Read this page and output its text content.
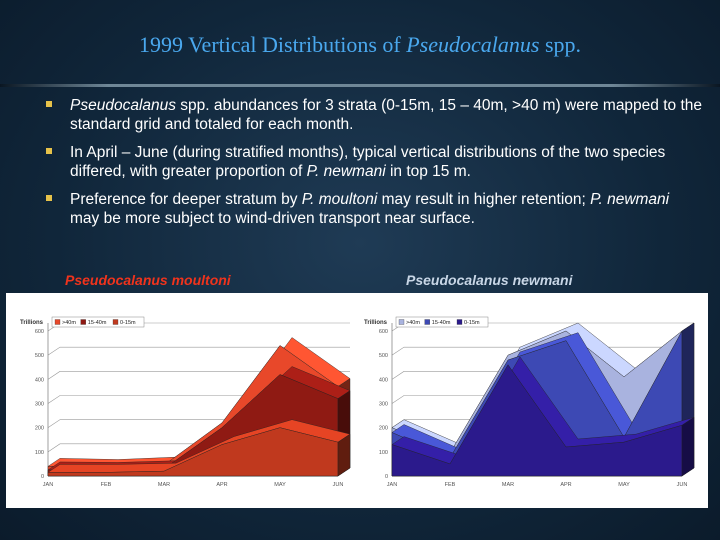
1999 Vertical Distributions of Pseudocalanus spp.
Pseudocalanus spp. abundances for 3 strata (0-15m, 15 – 40m, >40 m) were mapped to the standard grid and totaled for each month.
In April – June (during stratified months), typical vertical distributions of the two species differed, with greater proportion of P. newmani in top 15 m.
Preference for deeper stratum by P. moultoni may result in higher retention; P. newmani may be more subject to wind-driven transport near surface.
Pseudocalanus moultoni	Pseudocalanus newmani
Trillions
0
100
200
300
400
500
600
JAN	FEB	MAR	APR	MAY	JUN
>40m 15-40m 0-15m	Trillions
0
100
200
300
400
500
600
JAN	FEB	MAR	APR	MAY	JUN
>40m 15-40m 0-15m
